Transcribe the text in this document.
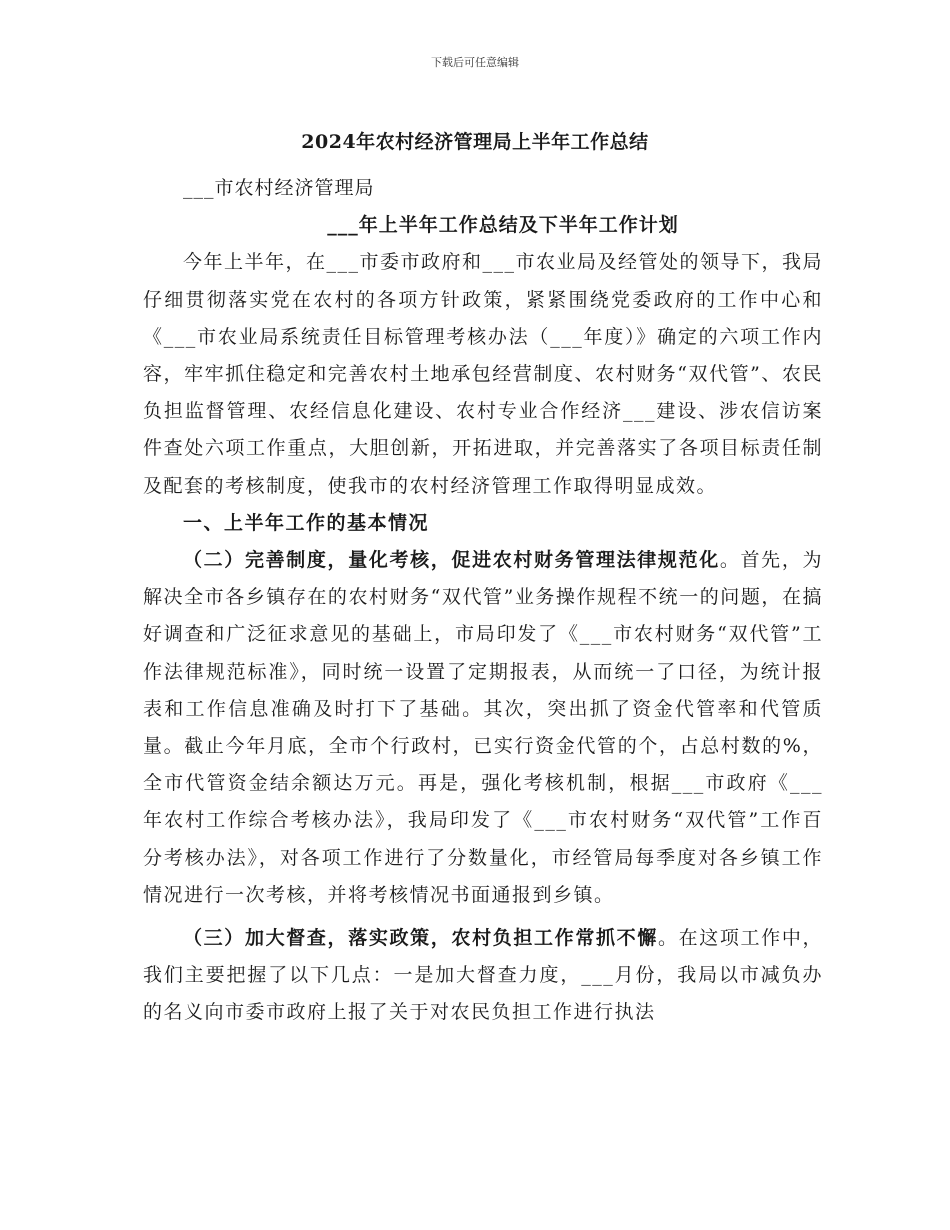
下载后可任意编辑
2024年农村经济管理局上半年工作总结

___市农村经济管理局

___年上半年工作总结及下半年工作计划

今年上半年，在___市委市政府和___市农业局及经管处的领导下，我局仔细贯彻落实党在农村的各项方针政策，紧紧围绕党委政府的工作中心和《___市农业局系统责任目标管理考核办法（___年度）》确定的六项工作内容，牢牢抓住稳定和完善农村土地承包经营制度、农村财务“双代管”、农民负担监督管理、农经信息化建设、农村专业合作经济___建设、涉农信访案件查处六项工作重点，大胆创新，开拓进取，并完善落实了各项目标责任制及配套的考核制度，使我市的农村经济管理工作取得明显成效。

一、上半年工作的基本情况

（二）完善制度，量化考核，促进农村财务管理法律规范化。首先，为解决全市各乡镇存在的农村财务“双代管”业务操作规程不统一的问题，在搞好调查和广泛征求意见的基础上，市局印发了《___市农村财务“双代管”工作法律规范标准》，同时统一设置了定期报表，从而统一了口径，为统计报表和工作信息准确及时打下了基础。其次，突出抓了资金代管率和代管质量。截止今年月底，全市个行政村，已实行资金代管的个，占总村数的%，全市代管资金结余额达万元。再是，强化考核机制，根据___市政府《___年农村工作综合考核办法》，我局印发了《___市农村财务“双代管”工作百分考核办法》，对各项工作进行了分数量化，市经管局每季度对各乡镇工作情况进行一次考核，并将考核情况书面通报到乡镇。

（三）加大督查，落实政策，农村负担工作常抓不懈。在这项工作中，我们主要把握了以下几点：一是加大督查力度，___月份，我局以市减负办的名义向市委市政府上报了关于对农民负担工作进行执法
